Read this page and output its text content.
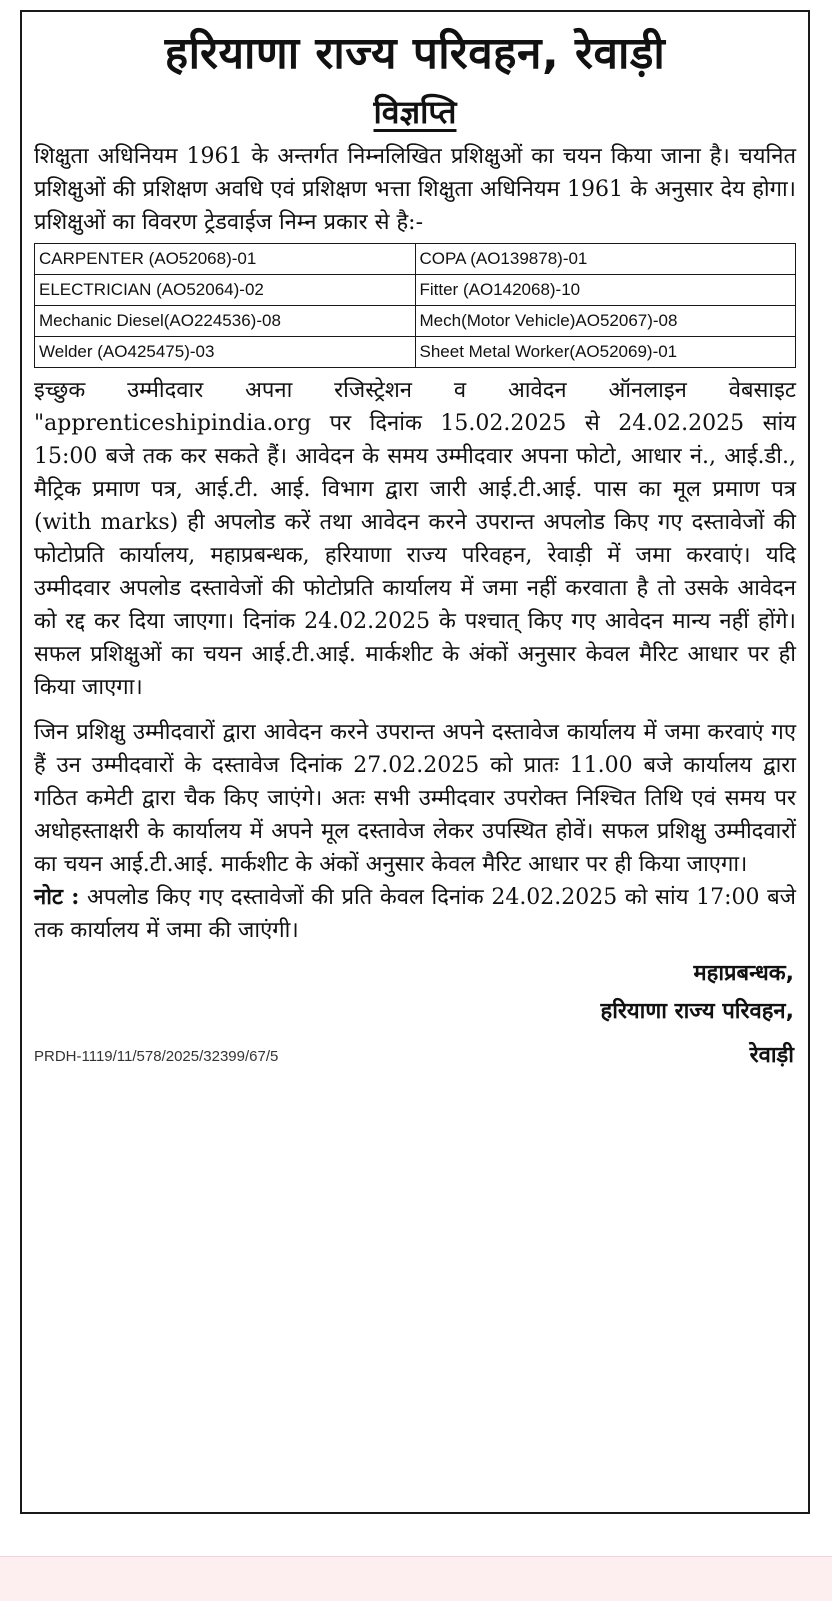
हरियाणा राज्य परिवहन, रेवाड़ी
विज्ञप्ति

शिक्षुता अधिनियम 1961 के अन्तर्गत निम्नलिखित प्रशिक्षुओं का चयन किया जाना है। चयनित प्रशिक्षुओं की प्रशिक्षण अवधि एवं प्रशिक्षण भत्ता शिक्षुता अधिनियम 1961 के अनुसार देय होगा। प्रशिक्षुओं का विवरण ट्रेडवाईज निम्न प्रकार से है:-

CARPENTER (AO52068)-01	COPA (AO139878)-01
ELECTRICIAN (AO52064)-02	Fitter (AO142068)-10
Mechanic Diesel(AO224536)-08	Mech(Motor Vehicle)AO52067)-08
Welder (AO425475)-03	Sheet Metal Worker(AO52069)-01

इच्छुक उम्मीदवार अपना रजिस्ट्रेशन व आवेदन ऑनलाइन वेबसाइट "apprenticeshipindia.org पर दिनांक 15.02.2025 से 24.02.2025 सांय 15:00 बजे तक कर सकते हैं। आवेदन के समय उम्मीदवार अपना फोटो, आधार नं., आई.डी., मैट्रिक प्रमाण पत्र, आई.टी. आई. विभाग द्वारा जारी आई.टी.आई. पास का मूल प्रमाण पत्र (with marks) ही अपलोड करें तथा आवेदन करने उपरान्त अपलोड किए गए दस्तावेजों की फोटोप्रति कार्यालय, महाप्रबन्धक, हरियाणा राज्य परिवहन, रेवाड़ी में जमा करवाएं। यदि उम्मीदवार अपलोड दस्तावेजों की फोटोप्रति कार्यालय में जमा नहीं करवाता है तो उसके आवेदन को रद्द कर दिया जाएगा। दिनांक 24.02.2025 के पश्चात् किए गए आवेदन मान्य नहीं होंगे। सफल प्रशिक्षुओं का चयन आई.टी.आई. मार्कशीट के अंकों अनुसार केवल मैरिट आधार पर ही किया जाएगा।

जिन प्रशिक्षु उम्मीदवारों द्वारा आवेदन करने उपरान्त अपने दस्तावेज कार्यालय में जमा करवाएं गए हैं उन उम्मीदवारों के दस्तावेज दिनांक 27.02.2025 को प्रातः 11.00 बजे कार्यालय द्वारा गठित कमेटी द्वारा चैक किए जाएंगे। अतः सभी उम्मीदवार उपरोक्त निश्चित तिथि एवं समय पर अधोहस्ताक्षरी के कार्यालय में अपने मूल दस्तावेज लेकर उपस्थित होवें। सफल प्रशिक्षु उम्मीदवारों का चयन आई.टी.आई. मार्कशीट के अंकों अनुसार केवल मैरिट आधार पर ही किया जाएगा।

नोट : अपलोड किए गए दस्तावेजों की प्रति केवल दिनांक 24.02.2025 को सांय 17:00 बजे तक कार्यालय में जमा की जाएंगी।

महाप्रबन्धक,
हरियाणा राज्य परिवहन,
PRDH-1119/11/578/2025/32399/67/5	रेवाड़ी
